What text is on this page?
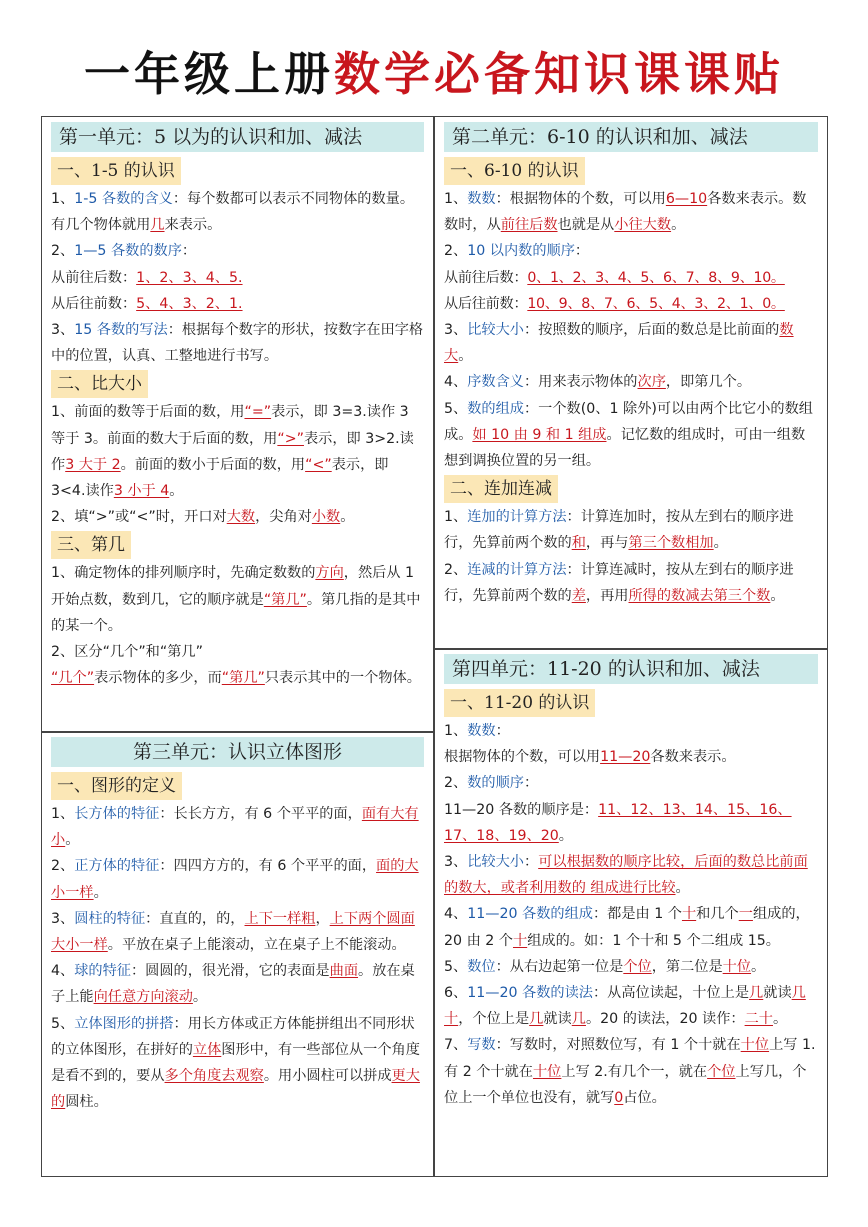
一年级上册数学必备知识课课贴
第一单元：5 以为的认识和加、减法
一、1-5 的认识

1、1-5 各数的含义：每个数都可以表示不同物体的数量。有几个物体就用几来表示。

2、1—5 各数的数序：

从前往后数：1、2、3、4、5.

从后往前数：5、4、3、2、1.

3、15 各数的写法：根据每个数字的形状，按数字在田字格中的位置，认真、工整地进行书写。

二、比大小

1、前面的数等于后面的数，用“=”表示，即 3=3.读作 3 等于 3。前面的数大于后面的数，用“>”表示，即 3>2.读作3 大于 2。前面的数小于后面的数，用“<”表示，即 3<4.读作3 小于 4。

2、填“>”或“<”时，开口对大数，尖角对小数。

三、第几

1、确定物体的排列顺序时，先确定数数的方向，然后从 1 开始点数，数到几，它的顺序就是“第几”。第几指的是其中的某一个。

2、区分“几个”和“第几”

“几个”表示物体的多少，而“第几”只表示其中的一个物体。

第二单元：6-10 的认识和加、减法
一、6-10 的认识

1、数数：根据物体的个数，可以用6—10各数来表示。数数时，从前往后数也就是从小往大数。

2、10 以内数的顺序：

从前往后数：0、1、2、3、4、5、6、7、8、9、10。

从后往前数：10、9、8、7、6、5、4、3、2、1、0。

3、比较大小：按照数的顺序，后面的数总是比前面的数大。

4、序数含义：用来表示物体的次序，即第几个。

5、数的组成：一个数(0、1 除外)可以由两个比它小的数组成。如 10 由 9 和 1 组成。记忆数的组成时，可由一组数想到调换位置的另一组。

二、连加连减

1、连加的计算方法：计算连加时，按从左到右的顺序进行，先算前两个数的和，再与第三个数相加。

2、连减的计算方法：计算连减时，按从左到右的顺序进行，先算前两个数的差，再用所得的数减去第三个数。

第三单元：认识立体图形
一、图形的定义

1、长方体的特征：长长方方，有 6 个平平的面，面有大有小。

2、正方体的特征：四四方方的，有 6 个平平的面，面的大小一样。

3、圆柱的特征：直直的，的，上下一样粗，上下两个圆面大小一样。平放在桌子上能滚动，立在桌子上不能滚动。

4、球的特征：圆圆的，很光滑，它的表面是曲面。放在桌子上能向任意方向滚动。

5、立体图形的拼搭：用长方体或正方体能拼组出不同形状的立体图形，在拼好的立体图形中，有一些部位从一个角度是看不到的，要从多个角度去观察。用小圆柱可以拼成更大的圆柱。

第四单元：11-20 的认识和加、减法
一、11-20 的认识

1、数数：

根据物体的个数，可以用11—20各数来表示。

2、数的顺序：

11—20 各数的顺序是：11、12、13、14、15、16、17、18、19、20。

3、比较大小：可以根据数的顺序比较，后面的数总比前面的数大，或者利用数的 组成进行比较。

4、11—20 各数的组成：都是由 1 个十和几个一组成的，20 由 2 个十组成的。如：1 个十和 5 个二组成 15。

5、数位：从右边起第一位是个位，第二位是十位。

6、11—20 各数的读法：从高位读起，十位上是几就读几十，个位上是几就读几。20 的读法，20 读作：二十。

7、写数：写数时，对照数位写，有 1 个十就在十位上写 1.有 2 个十就在十位上写 2.有几个一，就在个位上写几，个位上一个单位也没有，就写0占位。
